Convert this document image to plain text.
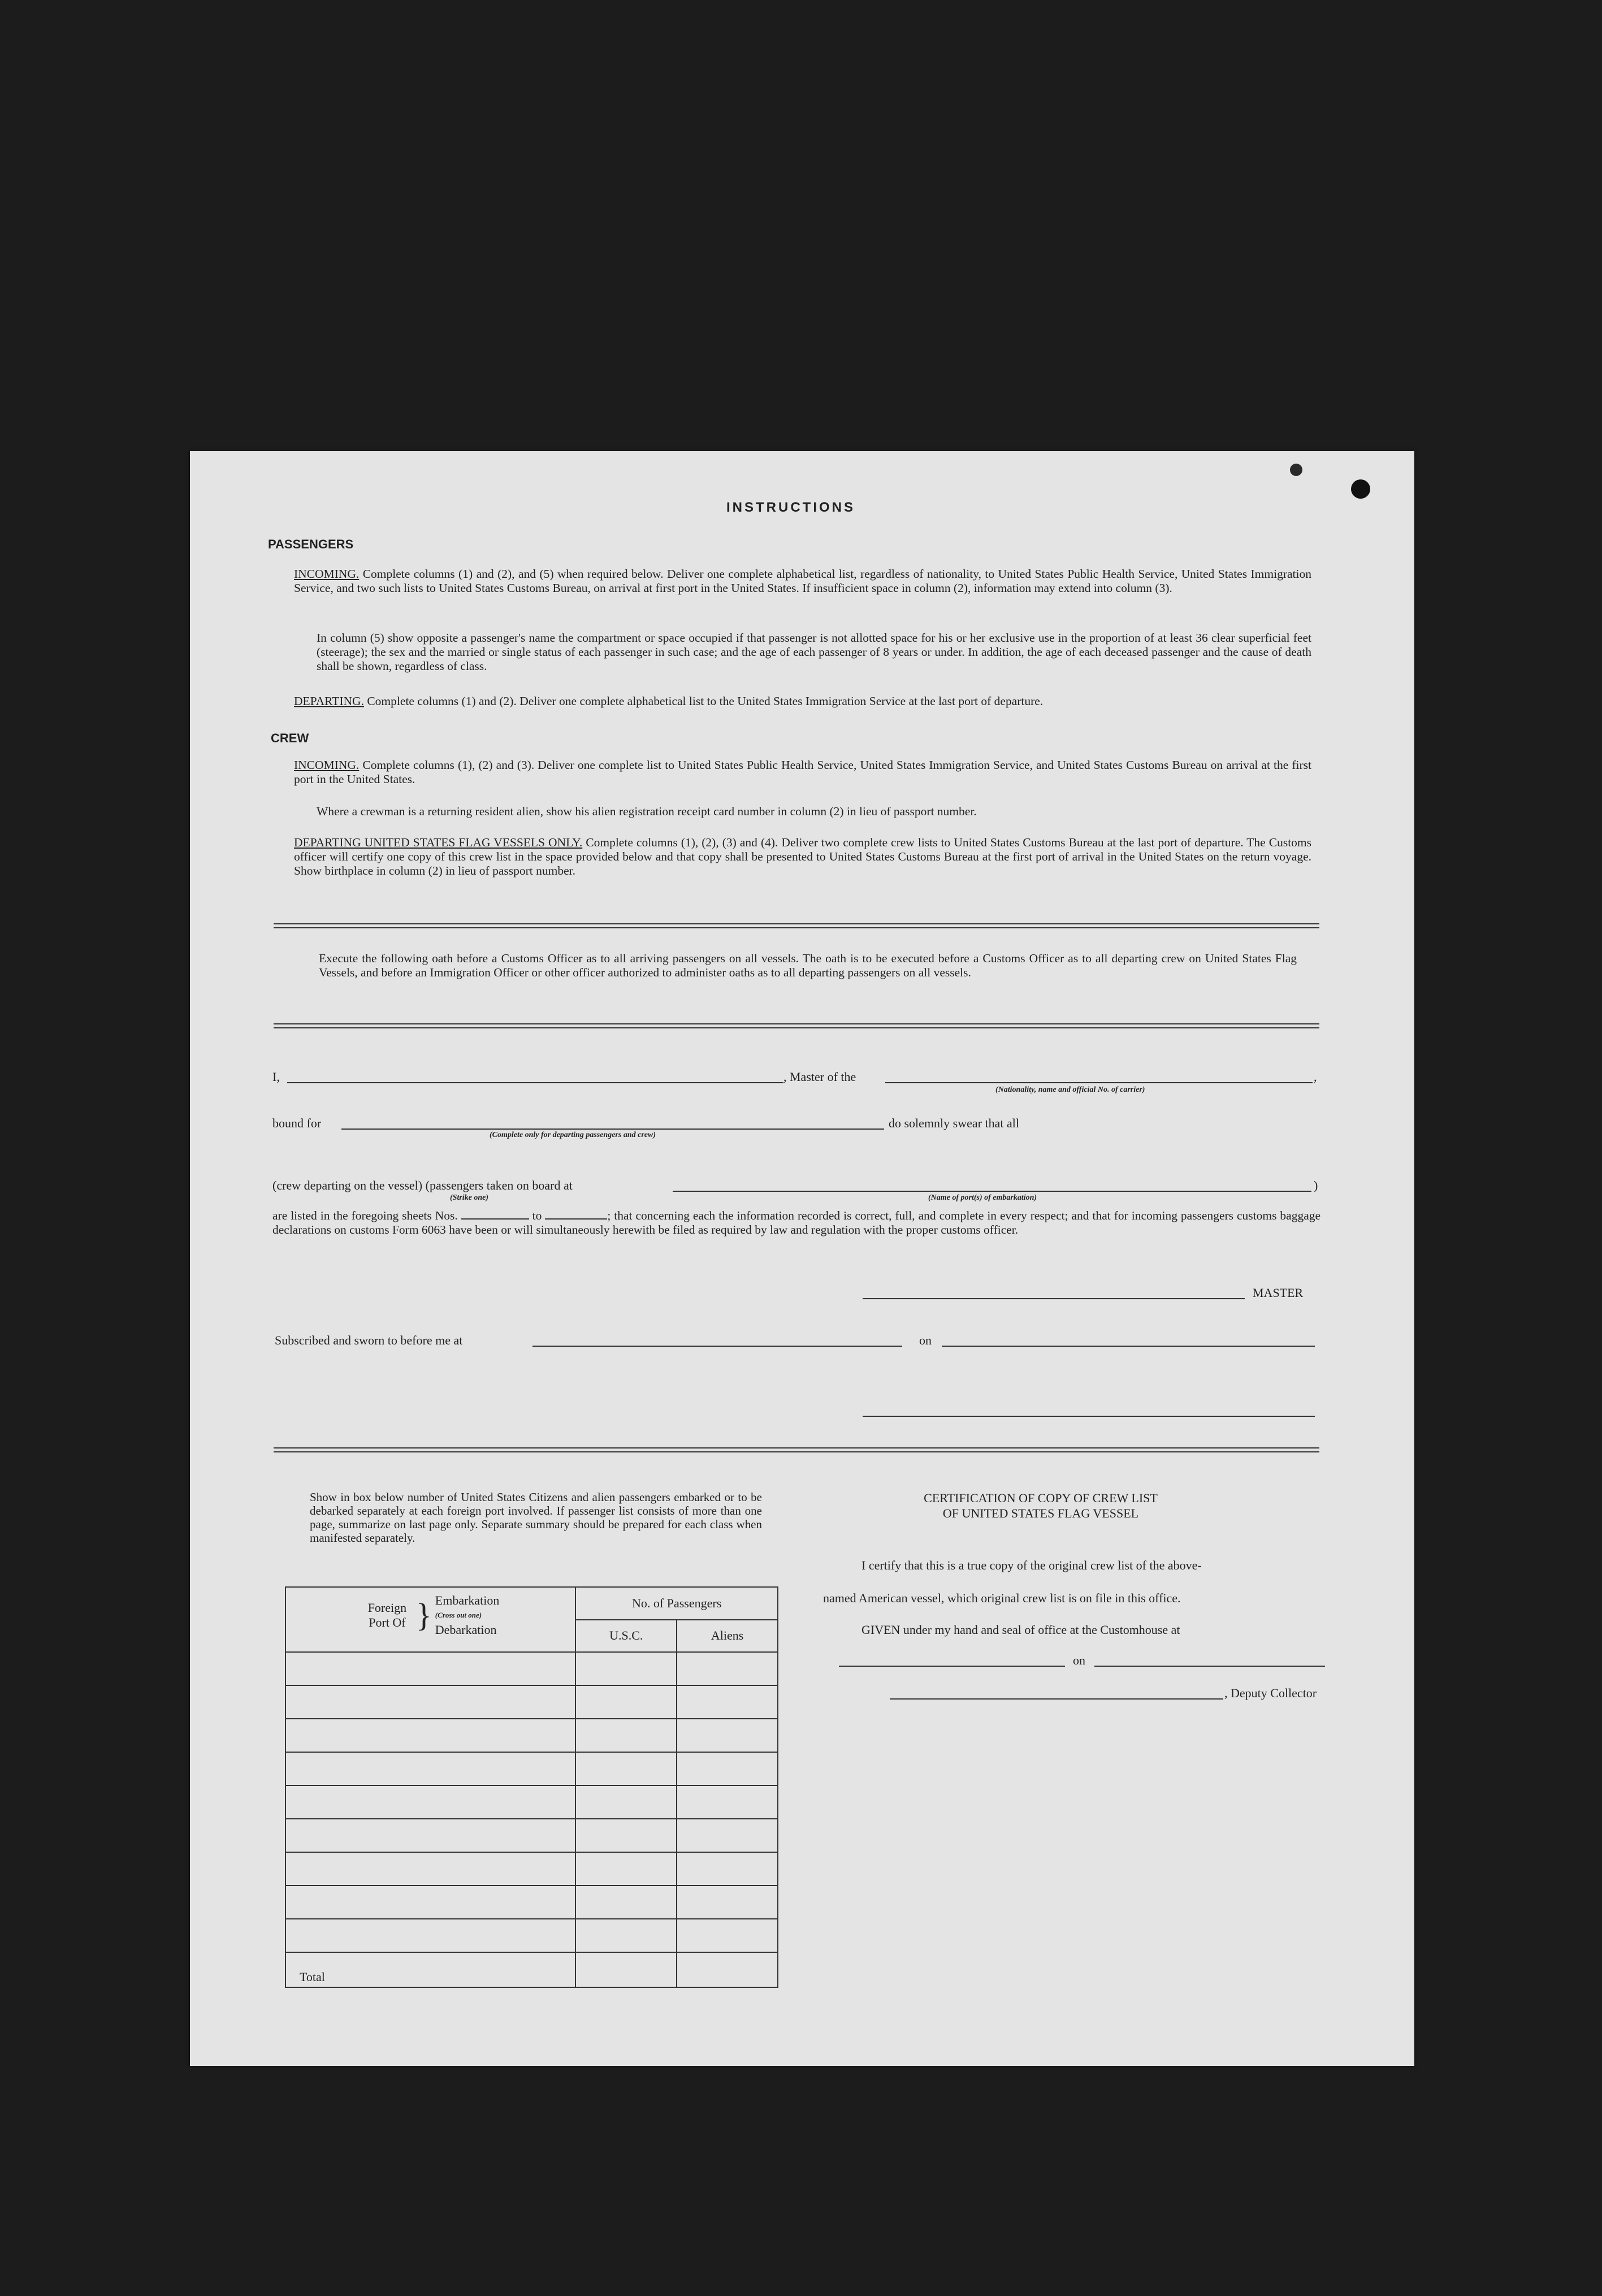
INSTRUCTIONS
PASSENGERS
INCOMING. Complete columns (1) and (2), and (5) when required below. Deliver one complete alphabetical list, regardless of nationality, to United States Public Health Service, United States Immigration Service, and two such lists to United States Customs Bureau, on arrival at first port in the United States. If insufficient space in column (2), information may extend into column (3).
In column (5) show opposite a passenger's name the compartment or space occupied if that passenger is not allotted space for his or her exclusive use in the proportion of at least 36 clear superficial feet (steerage); the sex and the married or single status of each passenger in such case; and the age of each passenger of 8 years or under. In addition, the age of each deceased passenger and the cause of death shall be shown, regardless of class.
DEPARTING. Complete columns (1) and (2). Deliver one complete alphabetical list to the United States Immigration Service at the last port of departure.
CREW
INCOMING. Complete columns (1), (2) and (3). Deliver one complete list to United States Public Health Service, United States Immigration Service, and United States Customs Bureau on arrival at the first port in the United States.
Where a crewman is a returning resident alien, show his alien registration receipt card number in column (2) in lieu of passport number.
DEPARTING UNITED STATES FLAG VESSELS ONLY. Complete columns (1), (2), (3) and (4). Deliver two complete crew lists to United States Customs Bureau at the last port of departure. The Customs officer will certify one copy of this crew list in the space provided below and that copy shall be presented to United States Customs Bureau at the first port of arrival in the United States on the return voyage. Show birthplace in column (2) in lieu of passport number.
Execute the following oath before a Customs Officer as to all arriving passengers on all vessels. The oath is to be executed before a Customs Officer as to all departing crew on United States Flag Vessels, and before an Immigration Officer or other officer authorized to administer oaths as to all departing passengers on all vessels.
I,	, Master of the	,
(Nationality, name and official No. of carrier)
bound for
(Complete only for departing passengers and crew)
do solemnly swear that all
(crew departing on the vessel) (passengers taken on board at
(Strike one)	(Name of port(s) of embarkation)
)
are listed in the foregoing sheets Nos.	to	; that concerning each the information recorded is correct, full, and complete in every respect; and that for incoming passengers customs baggage declarations on customs Form 6063 have been or will simultaneously herewith be filed as required by law and regulation with the proper customs officer.
MASTER
Subscribed and sworn to before me at	on
Show in box below number of United States Citizens and alien passengers embarked or to be debarked separately at each foreign port involved. If passenger list consists of more than one page, summarize on last page only. Separate summary should be prepared for each class when manifested separately.
Foreign Port Of } Embarkation
(Cross out one)
Debarkation	No. of Passengers	
	U.S.C.	Aliens

Total		
CERTIFICATION OF COPY OF CREW LIST
OF UNITED STATES FLAG VESSEL
I certify that this is a true copy of the original crew list of the above-
named American vessel, which original crew list is on file in this office.
GIVEN under my hand and seal of office at the Customhouse at
on
, Deputy Collector
